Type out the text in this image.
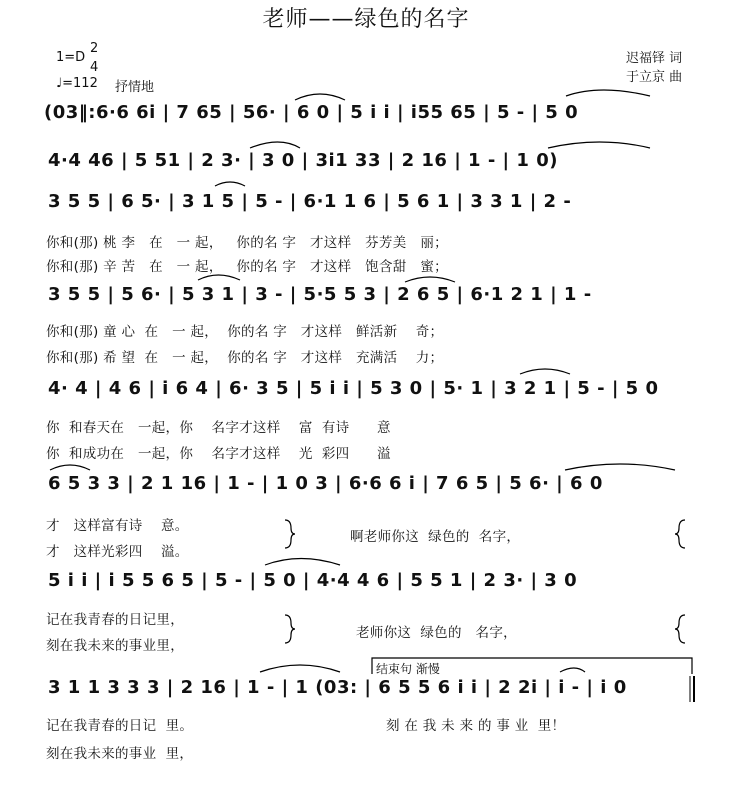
老师——绿色的名字
1=D
2
4
♩=112 抒情地
迟福铎 词
于立京 曲
(03‖:6·6 6i | 7 65 | 56· | 6 0 | 5 i i | i55 65 | 5 - | 5 0
4·4 46 | 5 51 | 2 3· | 3 0 | 3i1 33 | 2 16 | 1 - | 1 0)
3 5 5 | 6 5· | 3 1 5 | 5 - | 6·1 1 6 | 5 6 1 | 3 3 1 | 2 -
你和(那) 桃 李   在   一 起，   你的名 字   才这样   芬芳美   丽；
你和(那) 辛 苦   在   一 起，   你的名 字   才这样   饱含甜   蜜；
3 5 5 | 5 6· | 5 3 1 | 3 - | 5·5 5 3 | 2 6 5 | 6·1 2 1 | 1 -
你和(那) 童 心  在   一 起，  你的名 字   才这样   鲜活新    奇；
你和(那) 希 望  在   一 起，  你的名 字   才这样   充满活    力；
4· 4 | 4 6 | i 6 4 | 6· 3 5 | 5 i i | 5 3 0 | 5· 1 | 3 2 1 | 5 - | 5 0
你  和春天在   一起，你    名字才这样    富  有诗      意
你  和成功在   一起，你    名字才这样    光  彩四      溢
6 5 3 3 | 2 1 16 | 1 - | 1 0 3 | 6·6 6 i | 7 6 5 | 5 6· | 6 0
才   这样富有诗    意。
才   这样光彩四    溢。
啊老师你这  绿色的  名字，
5 i i | i 5 5 6 5 | 5 - | 5 0 | 4·4 4 6 | 5 5 1 | 2 3· | 3 0
记在我青春的日记里，
刻在我未来的事业里，
老师你这  绿色的   名字，
结束句 渐慢
3 1 1 3 3 3 | 2 16 | 1 - | 1 (03: | 6 5 5 6 i i | 2 2i | i - | i 0
记在我青春的日记  里。
刻在我未来的事业  里，
刻 在 我 未 来 的 事 业  里！
